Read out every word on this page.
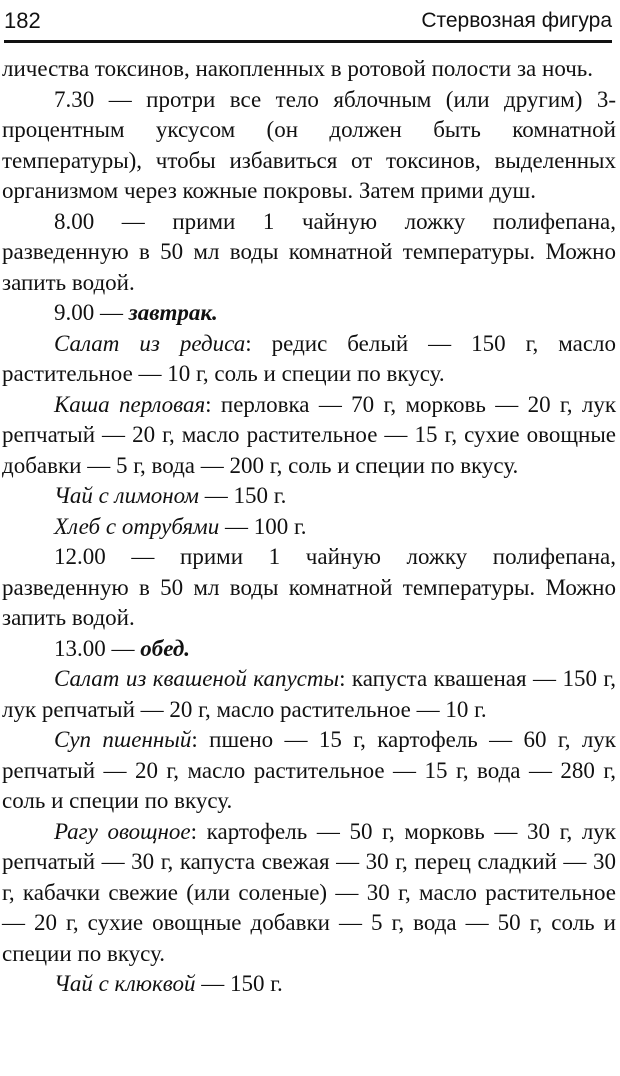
182	Стервозная фигура

личества токсинов, накопленных в ротовой полости за ночь.

7.30 — протри все тело яблочным (или другим) 3-процентным уксусом (он должен быть комнатной температуры), чтобы избавиться от токсинов, выделенных организмом через кожные покровы. Затем прими душ.

8.00 — прими 1 чайную ложку полифепана, разведенную в 50 мл воды комнатной температуры. Можно запить водой.

9.00 — завтрак.

Салат из редиса: редис белый — 150 г, масло растительное — 10 г, соль и специи по вкусу.

Каша перловая: перловка — 70 г, морковь — 20 г, лук репчатый — 20 г, масло растительное — 15 г, сухие овощные добавки — 5 г, вода — 200 г, соль и специи по вкусу.

Чай с лимоном — 150 г.

Хлеб с отрубями — 100 г.

12.00 — прими 1 чайную ложку полифепана, разведенную в 50 мл воды комнатной температуры. Можно запить водой.

13.00 — обед.

Салат из квашеной капусты: капуста квашеная — 150 г, лук репчатый — 20 г, масло растительное — 10 г.

Суп пшенный: пшено — 15 г, картофель — 60 г, лук репчатый — 20 г, масло растительное — 15 г, вода — 280 г, соль и специи по вкусу.

Рагу овощное: картофель — 50 г, морковь — 30 г, лук репчатый — 30 г, капуста свежая — 30 г, перец сладкий — 30 г, кабачки свежие (или соленые) — 30 г, масло растительное — 20 г, сухие овощные добавки — 5 г, вода — 50 г, соль и специи по вкусу.

Чай с клюквой — 150 г.
